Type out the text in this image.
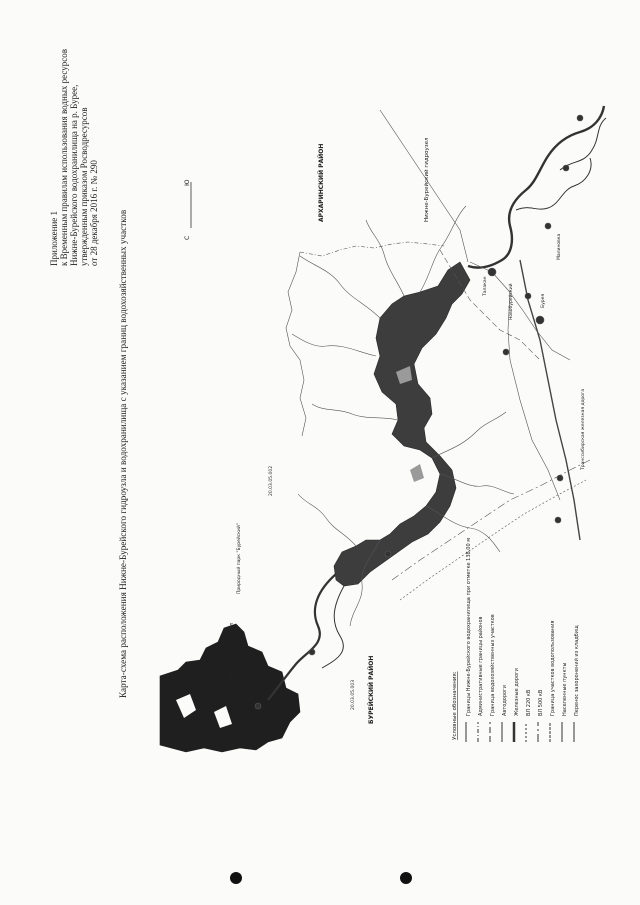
Приложение 1 к Временным правилам использования водных ресурсов Нижне-Бурейского водохранилища на р. Бурее, утвержденным приказом Росводресурсов от 28 декабря 2016 г. № 290 Карта-схема расположения Нижне-Бурейского гидроузла и водохранилища с указанием границ водохозяйственных участков	С
Ю	АРХАРИНСКИЙ РАЙОН
БУРЕЙСКИЙ РАЙОН
Бурейский гидроузел
Нижне-Бурейский гидроузел
Природный парк "Бурейский"
20.03.05.002
20.03.05.003
Талакан	Новобурейский	Бурея
Малиновка
Транссибирская железная дорога
Условные обозначения: Границы Нижне-Бурейского водохранилища при отметке 138,00 м Административные границы районов Граница водохозяйственных участков Автодороги Железные дороги ВЛ 220 кВ ВЛ 500 кВ Граница участков водопользования Населенные пункты Перенос захоронений из кладбищ
